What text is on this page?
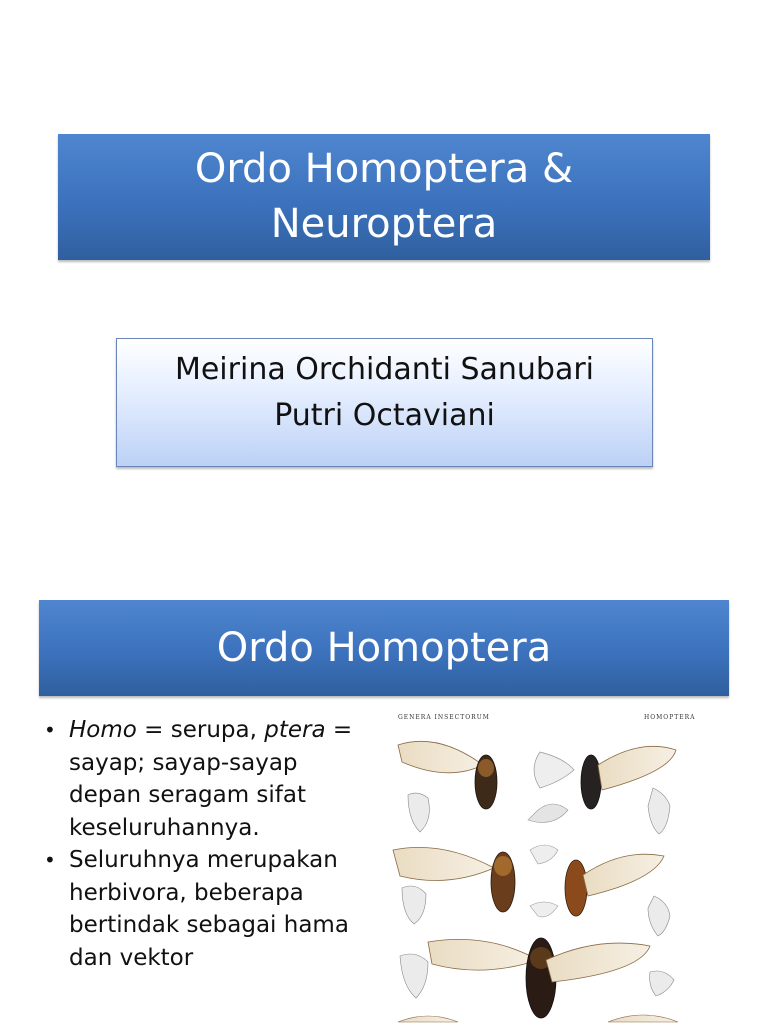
Ordo Homoptera &
Neuroptera
Meirina Orchidanti Sanubari
Putri Octaviani
Ordo Homoptera
• Homo = serupa, ptera = sayap; sayap-sayap depan seragam sifat keseluruhannya.
• Seluruhnya merupakan herbivora, beberapa bertindak sebagai hama dan vektor
GENERA INSECTORUM	HOMOPTERA
